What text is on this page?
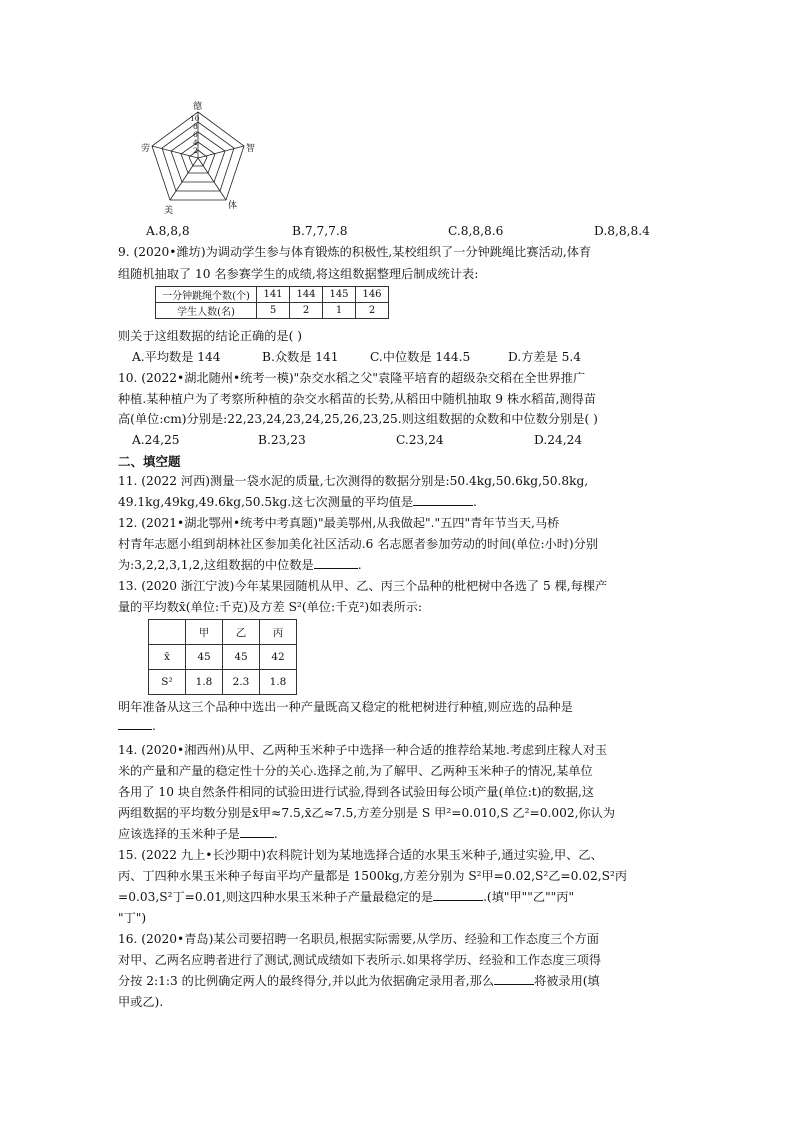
10
8
6
4
2
德
智
体
美
劳
A.8,8,8	B.7,7,7.8	C.8,8,8.6	D.8,8,8.4
9. (2020•潍坊)为调动学生参与体育锻炼的积极性,某校组织了一分钟跳绳比赛活动,体育
组随机抽取了 10 名参赛学生的成绩,将这组数据整理后制成统计表:
一分钟跳绳个数(个)	141	144	145	146
学生人数(名)	5	2	1	2
则关于这组数据的结论正确的是( )
A.平均数是 144	B.众数是 141	C.中位数是 144.5	D.方差是 5.4
10. (2022•湖北随州•统考一模)"杂交水稻之父"袁隆平培育的超级杂交稻在全世界推广
种植.某种植户为了考察所种植的杂交水稻苗的长势,从稻田中随机抽取 9 株水稻苗,测得苗
高(单位:cm)分别是:22,23,24,23,24,25,26,23,25.则这组数据的众数和中位数分别是( )
A.24,25	B.23,23	C.23,24	D.24,24
二、填空题
11. (2022 河西)测量一袋水泥的质量,七次测得的数据分别是:50.4kg,50.6kg,50.8kg,
49.1kg,49kg,49.6kg,50.5kg.这七次测量的平均值是	.
12. (2021•湖北鄂州•统考中考真题)"最美鄂州,从我做起"."五四"青年节当天,马桥
村青年志愿小组到胡林社区参加美化社区活动.6 名志愿者参加劳动的时间(单位:小时)分别
为:3,2,2,3,1,2,这组数据的中位数是	.
13. (2020 浙江宁波)今年某果园随机从甲、乙、丙三个品种的枇杷树中各选了 5 棵,每棵产
量的平均数x̄(单位:千克)及方差 S²(单位:千克²)如表所示:
	甲	乙	丙
x̄	45	45	42
S²	1.8	2.3	1.8
明年准备从这三个品种中选出一种产量既高又稳定的枇杷树进行种植,则应选的品种是
.
14. (2020•湘西州)从甲、乙两种玉米种子中选择一种合适的推荐给某地.考虑到庄稼人对玉
米的产量和产量的稳定性十分的关心.选择之前,为了解甲、乙两种玉米种子的情况,某单位
各用了 10 块自然条件相同的试验田进行试验,得到各试验田每公顷产量(单位:t)的数据,这
两组数据的平均数分别是x̄甲≈7.5,x̄乙≈7.5,方差分别是 S 甲²=0.010,S 乙²=0.002,你认为
应该选择的玉米种子是	.
15. (2022 九上•长沙期中)农科院计划为某地选择合适的水果玉米种子,通过实验,甲、乙、
丙、丁四种水果玉米种子每亩平均产量都是 1500kg,方差分别为 S²甲=0.02,S²乙=0.02,S²丙
=0.03,S²丁=0.01,则这四种水果玉米种子产量最稳定的是	.(填"甲""乙""丙"
"丁")
16. (2020•青岛)某公司要招聘一名职员,根据实际需要,从学历、经验和工作态度三个方面
对甲、乙两名应聘者进行了测试,测试成绩如下表所示.如果将学历、经验和工作态度三项得
分按 2:1:3 的比例确定两人的最终得分,并以此为依据确定录用者,那么	将被录用(填
甲或乙).
